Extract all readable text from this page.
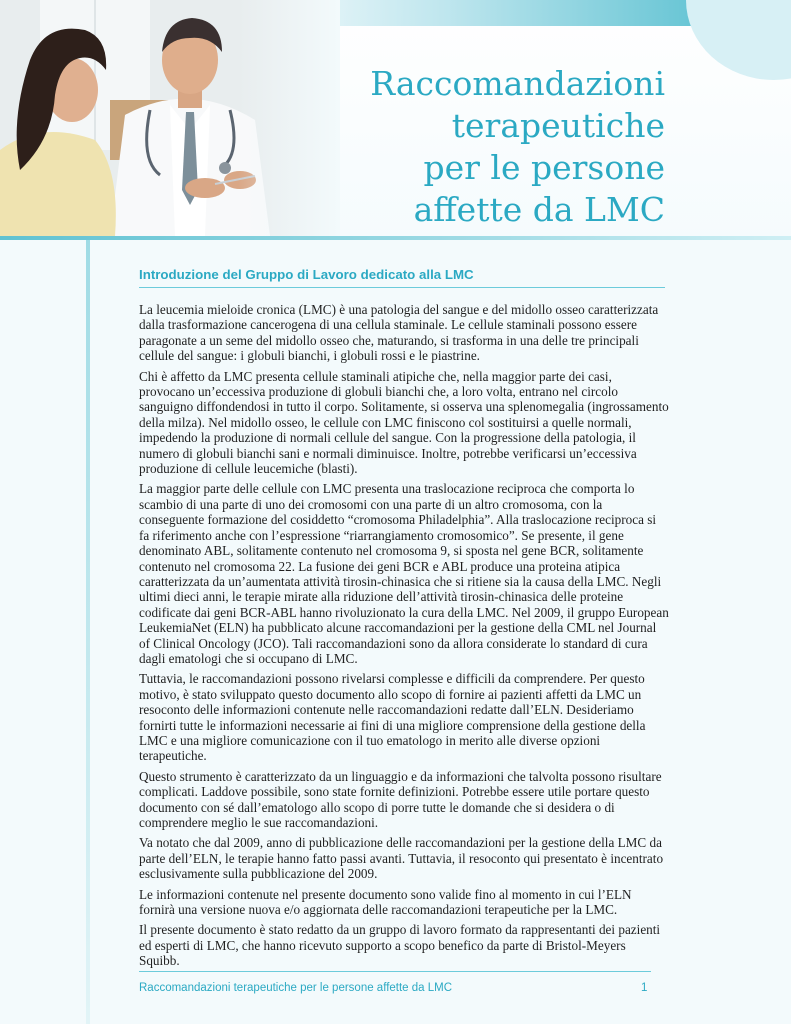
Raccomandazioni
terapeutiche
per le persone
affette da LMC
Introduzione del Gruppo di Lavoro dedicato alla LMC

La leucemia mieloide cronica (LMC) è una patologia del sangue e del midollo osseo caratterizzata dalla trasformazione cancerogena di una cellula staminale. Le cellule staminali possono essere paragonate a un seme del midollo osseo che, maturando, si trasforma in una delle tre principali cellule del sangue: i globuli bianchi, i globuli rossi e le piastrine.

Chi è affetto da LMC presenta cellule staminali atipiche che, nella maggior parte dei casi, provocano un’eccessiva produzione di globuli bianchi che, a loro volta, entrano nel circolo sanguigno diffondendosi in tutto il corpo. Solitamente, si osserva una splenomegalia (ingrossamento della milza). Nel midollo osseo, le cellule con LMC finiscono col sostituirsi a quelle normali, impedendo la produzione di normali cellule del sangue. Con la progressione della patologia, il numero di globuli bianchi sani e normali diminuisce. Inoltre, potrebbe verificarsi un’eccessiva produzione di cellule leucemiche (blasti).

La maggior parte delle cellule con LMC presenta una traslocazione reciproca che comporta lo scambio di una parte di uno dei cromosomi con una parte di un altro cromosoma, con la conseguente formazione del cosiddetto “cromosoma Philadelphia”. Alla traslocazione reciproca si fa riferimento anche con l’espressione “riarrangiamento cromosomico”. Se presente, il gene denominato ABL, solitamente contenuto nel cromosoma 9, si sposta nel gene BCR, solitamente contenuto nel cromosoma 22. La fusione dei geni BCR e ABL produce una proteina atipica caratterizzata da un’aumentata attività tirosin-chinasica che si ritiene sia la causa della LMC. Negli ultimi dieci anni, le terapie mirate alla riduzione dell’attività tirosin-chinasica delle proteine codificate dai geni BCR-ABL hanno rivoluzionato la cura della LMC. Nel 2009, il gruppo European LeukemiaNet (ELN) ha pubblicato alcune raccomandazioni per la gestione della CML nel Journal of Clinical Oncology (JCO). Tali raccomandazioni sono da allora considerate lo standard di cura dagli ematologi che si occupano di LMC.

Tuttavia, le raccomandazioni possono rivelarsi complesse e difficili da comprendere. Per questo motivo, è stato sviluppato questo documento allo scopo di fornire ai pazienti affetti da LMC un resoconto delle informazioni contenute nelle raccomandazioni redatte dall’ELN. Desideriamo fornirti tutte le informazioni necessarie ai fini di una migliore comprensione della gestione della LMC e una migliore comunicazione con il tuo ematologo in merito alle diverse opzioni terapeutiche.

Questo strumento è caratterizzato da un linguaggio e da informazioni che talvolta possono risultare complicati. Laddove possibile, sono state fornite definizioni. Potrebbe essere utile portare questo documento con sé dall’ematologo allo scopo di porre tutte le domande che si desidera o di comprendere meglio le sue raccomandazioni.

Va notato che dal 2009, anno di pubblicazione delle raccomandazioni per la gestione della LMC da parte dell’ELN, le terapie hanno fatto passi avanti. Tuttavia, il resoconto qui presentato è incentrato esclusivamente sulla pubblicazione del 2009.

Le informazioni contenute nel presente documento sono valide fino al momento in cui l’ELN fornirà una versione nuova e/o aggiornata delle raccomandazioni terapeutiche per la LMC.

Il presente documento è stato redatto da un gruppo di lavoro formato da rappresentanti dei pazienti ed esperti di LMC, che hanno ricevuto supporto a scopo benefico da parte di Bristol-Meyers Squibb.

Raccomandazioni terapeutiche per le persone affette da LMC	1
